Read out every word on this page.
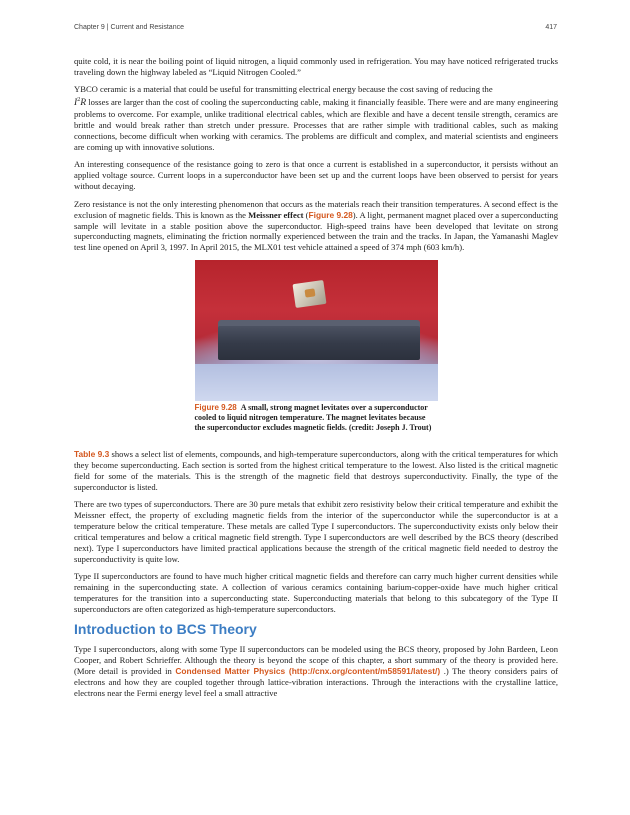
Chapter 9 | Current and Resistance	417

quite cold, it is near the boiling point of liquid nitrogen, a liquid commonly used in refrigeration. You may have noticed refrigerated trucks traveling down the highway labeled as “Liquid Nitrogen Cooled.”

YBCO ceramic is a material that could be useful for transmitting electrical energy because the cost saving of reducing the
$I^2R$ losses are larger than the cost of cooling the superconducting cable, making it financially feasible. There were and are many engineering problems to overcome. For example, unlike traditional electrical cables, which are flexible and have a decent tensile strength, ceramics are brittle and would break rather than stretch under pressure. Processes that are rather simple with traditional cables, such as making connections, become difficult when working with ceramics. The problems are difficult and complex, and material scientists and engineers are coming up with innovative solutions.

An interesting consequence of the resistance going to zero is that once a current is established in a superconductor, it persists without an applied voltage source. Current loops in a superconductor have been set up and the current loops have been observed to persist for years without decaying.

Zero resistance is not the only interesting phenomenon that occurs as the materials reach their transition temperatures. A second effect is the exclusion of magnetic fields. This is known as the Meissner effect (Figure 9.28). A light, permanent magnet placed over a superconducting sample will levitate in a stable position above the superconductor. High-speed trains have been developed that levitate on strong superconducting magnets, eliminating the friction normally experienced between the train and the tracks. In Japan, the Yamanashi Maglev test line opened on April 3, 1997. In April 2015, the MLX01 test vehicle attained a speed of 374 mph (603 km/h).

Figure 9.28 A small, strong magnet levitates over a superconductor cooled to liquid nitrogen temperature. The magnet levitates because the superconductor excludes magnetic fields. (credit: Joseph J. Trout)

Table 9.3 shows a select list of elements, compounds, and high-temperature superconductors, along with the critical temperatures for which they become superconducting. Each section is sorted from the highest critical temperature to the lowest. Also listed is the critical magnetic field for some of the materials. This is the strength of the magnetic field that destroys superconductivity. Finally, the type of the superconductor is listed.

There are two types of superconductors. There are 30 pure metals that exhibit zero resistivity below their critical temperature and exhibit the Meissner effect, the property of excluding magnetic fields from the interior of the superconductor while the superconductor is at a temperature below the critical temperature. These metals are called Type I superconductors. The superconductivity exists only below their critical temperatures and below a critical magnetic field strength. Type I superconductors are well described by the BCS theory (described next). Type I superconductors have limited practical applications because the strength of the critical magnetic field needed to destroy the superconductivity is quite low.

Type II superconductors are found to have much higher critical magnetic fields and therefore can carry much higher current densities while remaining in the superconducting state. A collection of various ceramics containing barium-copper-oxide have much higher critical temperatures for the transition into a superconducting state. Superconducting materials that belong to this subcategory of the Type II superconductors are often categorized as high-temperature superconductors.

Introduction to BCS Theory

Type I superconductors, along with some Type II superconductors can be modeled using the BCS theory, proposed by John Bardeen, Leon Cooper, and Robert Schrieffer. Although the theory is beyond the scope of this chapter, a short summary of the theory is provided here. (More detail is provided in Condensed Matter Physics (http://cnx.org/content/m58591/latest/) .) The theory considers pairs of electrons and how they are coupled together through lattice-vibration interactions. Through the interactions with the crystalline lattice, electrons near the Fermi energy level feel a small attractive
